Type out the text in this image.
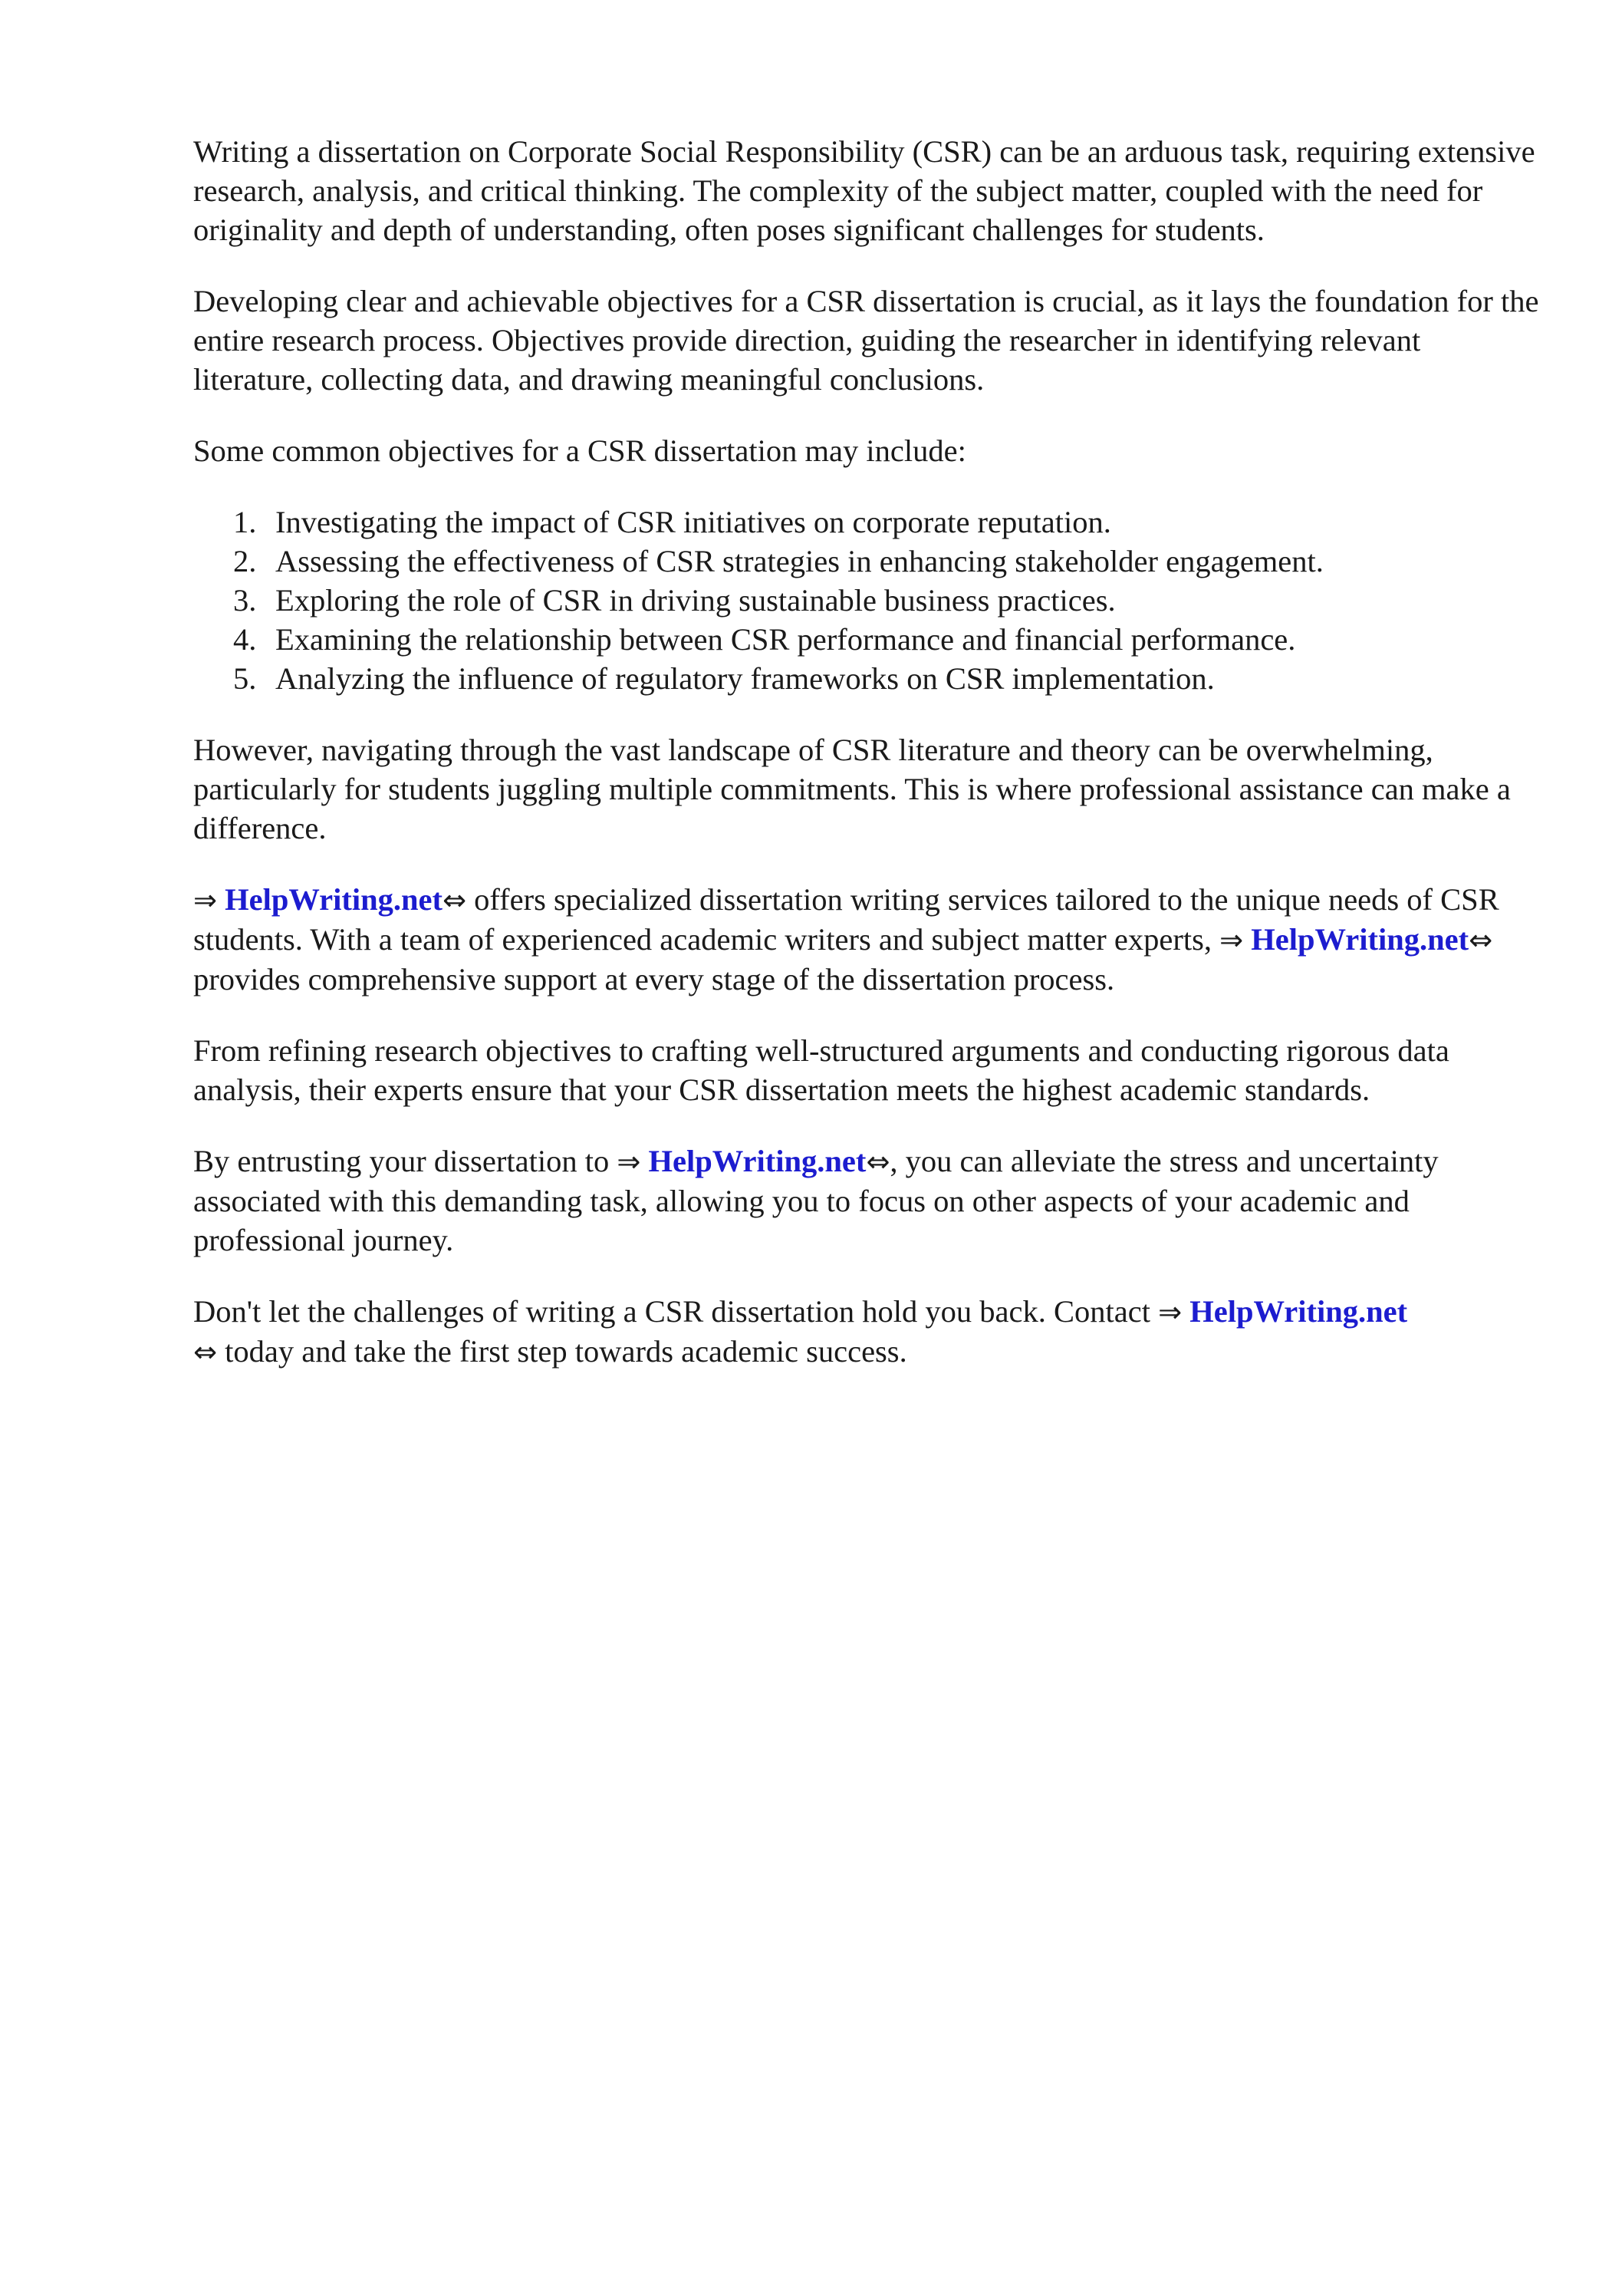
Writing a dissertation on Corporate Social Responsibility (CSR) can be an arduous task, requiring extensive research, analysis, and critical thinking. The complexity of the subject matter, coupled with the need for originality and depth of understanding, often poses significant challenges for students.

Developing clear and achievable objectives for a CSR dissertation is crucial, as it lays the foundation for the entire research process. Objectives provide direction, guiding the researcher in identifying relevant literature, collecting data, and drawing meaningful conclusions.

Some common objectives for a CSR dissertation may include:

1. Investigating the impact of CSR initiatives on corporate reputation.
2. Assessing the effectiveness of CSR strategies in enhancing stakeholder engagement.
3. Exploring the role of CSR in driving sustainable business practices.
4. Examining the relationship between CSR performance and financial performance.
5. Analyzing the influence of regulatory frameworks on CSR implementation.

However, navigating through the vast landscape of CSR literature and theory can be overwhelming, particularly for students juggling multiple commitments. This is where professional assistance can make a difference.

⇒ HelpWriting.net⇔ offers specialized dissertation writing services tailored to the unique needs of CSR students. With a team of experienced academic writers and subject matter experts, ⇒ HelpWriting.net⇔ provides comprehensive support at every stage of the dissertation process.

From refining research objectives to crafting well-structured arguments and conducting rigorous data analysis, their experts ensure that your CSR dissertation meets the highest academic standards.

By entrusting your dissertation to ⇒ HelpWriting.net⇔, you can alleviate the stress and uncertainty associated with this demanding task, allowing you to focus on other aspects of your academic and professional journey.

Don't let the challenges of writing a CSR dissertation hold you back. Contact ⇒ HelpWriting.net
⇔ today and take the first step towards academic success.
